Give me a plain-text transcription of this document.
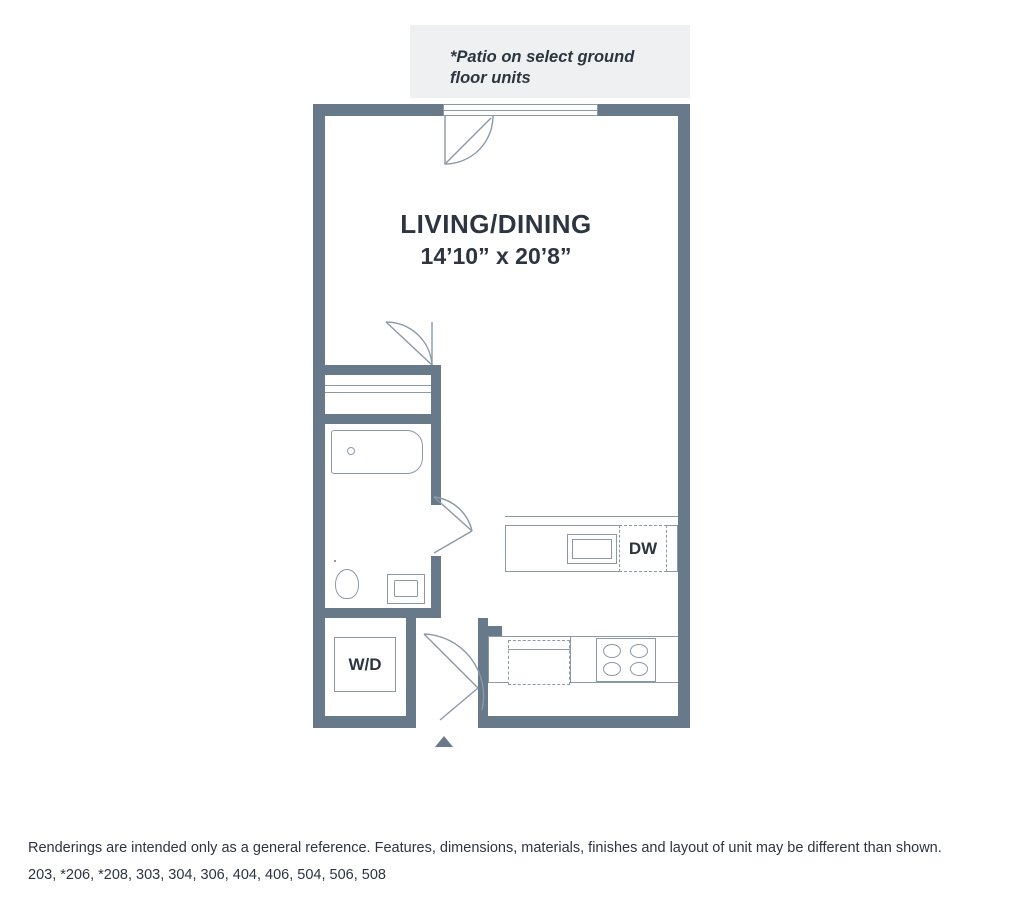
*Patio on select ground
floor units
W/D
DW
LIVING/DINING
14’10” x 20’8”
Renderings are intended only as a general reference. Features, dimensions, materials, finishes and layout of unit may be different than shown.
203, *206, *208, 303, 304, 306, 404, 406, 504, 506, 508
